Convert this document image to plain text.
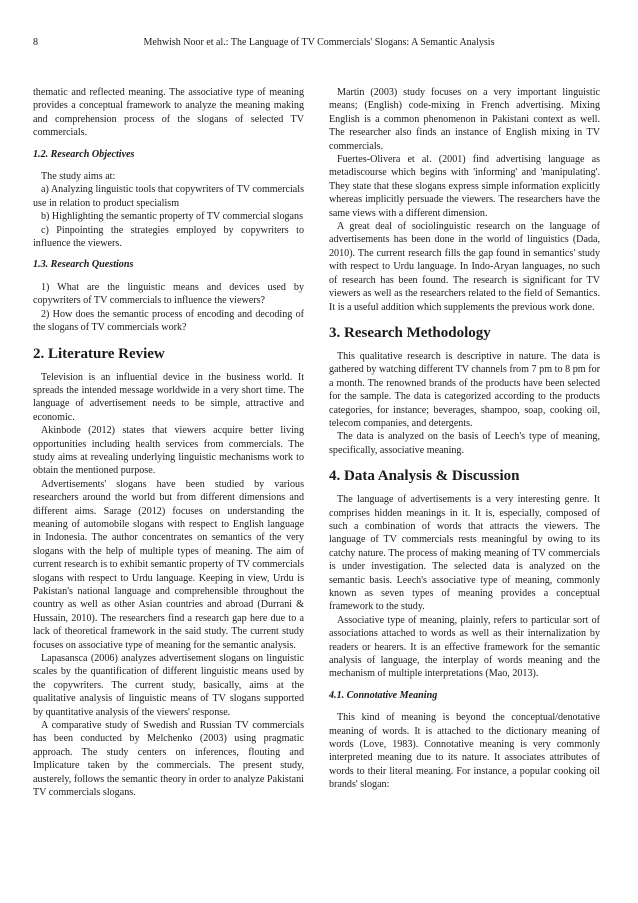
8	Mehwish Noor et al.: The Language of TV Commercials' Slogans: A Semantic Analysis

thematic and reflected meaning. The associative type of meaning provides a conceptual framework to analyze the meaning making and comprehension process of the slogans of selected TV commercials.

1.2. Research Objectives

The study aims at:

a) Analyzing linguistic tools that copywriters of TV commercials use in relation to product specialism

b) Highlighting the semantic property of TV commercial slogans

c) Pinpointing the strategies employed by copywriters to influence the viewers.

1.3. Research Questions

1) What are the linguistic means and devices used by copywriters of TV commercials to influence the viewers?

2) How does the semantic process of encoding and decoding of the slogans of TV commercials work?

2. Literature Review

Television is an influential device in the business world. It spreads the intended message worldwide in a very short time. The language of advertisement needs to be simple, attractive and economic.

Akinbode (2012) states that viewers acquire better living opportunities including health services from commercials. The study aims at revealing underlying linguistic mechanisms work to obtain the mentioned purpose.

Advertisements' slogans have been studied by various researchers around the world but from different dimensions and different aims. Sarage (2012) focuses on understanding the meaning of automobile slogans with respect to English language in Indonesia. The author concentrates on semantics of the very slogans with the help of multiple types of meaning. The aim of current research is to exhibit semantic property of TV commercials slogans with respect to Urdu language. Keeping in view, Urdu is Pakistan's national language and comprehensible throughout the country as well as other Asian countries and abroad (Durrani & Hussain, 2010). The researchers find a research gap here due to a lack of theoretical framework in the said study. The current study focuses on associative type of meaning for the semantic analysis.

Lapasansca (2006) analyzes advertisement slogans on linguistic scales by the quantification of different linguistic means used by the copywriters. The current study, basically, aims at the qualitative analysis of linguistic means of TV slogans supported by quantitative analysis of the viewers' response.

A comparative study of Swedish and Russian TV commercials has been conducted by Melchenko (2003) using pragmatic approach. The study centers on inferences, flouting and Implicature taken by the commercials. The present study, austerely, follows the semantic theory in order to analyze Pakistani TV commercials slogans.

Martin (2003) study focuses on a very important linguistic means; (English) code-mixing in French advertising. Mixing English is a common phenomenon in Pakistani context as well. The researcher also finds an instance of English mixing in TV commercials.

Fuertes-Olivera et al. (2001) find advertising language as metadiscourse which begins with 'informing' and 'manipulating'. They state that these slogans express simple information explicitly whereas implicitly persuade the viewers. The researchers have the same views with a different dimension.

A great deal of sociolinguistic research on the language of advertisements has been done in the world of linguistics (Dada, 2010). The current research fills the gap found in semantics' study with respect to Urdu language. In Indo-Aryan languages, no such of research has been found. The research is significant for TV viewers as well as the researchers related to the field of Semantics. It is a useful addition which supplements the previous work done.

3. Research Methodology

This qualitative research is descriptive in nature. The data is gathered by watching different TV channels from 7 pm to 8 pm for a month. The renowned brands of the products have been selected for the sample. The data is categorized according to the products categories, for instance; beverages, shampoo, soap, cooking oil, telecom companies, and detergents.

The data is analyzed on the basis of Leech's type of meaning, specifically, associative meaning.

4. Data Analysis & Discussion

The language of advertisements is a very interesting genre. It comprises hidden meanings in it. It is, especially, composed of such a combination of words that attracts the viewers. The language of TV commercials rests meaningful by owing to its catchy nature. The process of making meaning of TV commercials is under investigation. The selected data is analyzed on the semantic basis. Leech's associative type of meaning, commonly known as seven types of meaning provides a conceptual framework to the study.

Associative type of meaning, plainly, refers to particular sort of associations attached to words as well as their internalization by readers or hearers. It is an effective framework for the semantic analysis of language, the interplay of words meaning and the mechanism of multiple interpretations (Mao, 2013).

4.1. Connotative Meaning

This kind of meaning is beyond the conceptual/denotative meaning of words. It is attached to the dictionary meaning of words (Love, 1983). Connotative meaning is very commonly interpreted meaning due to its nature. It associates attributes of words to their literal meaning. For instance, a popular cooking oil brands' slogan:
